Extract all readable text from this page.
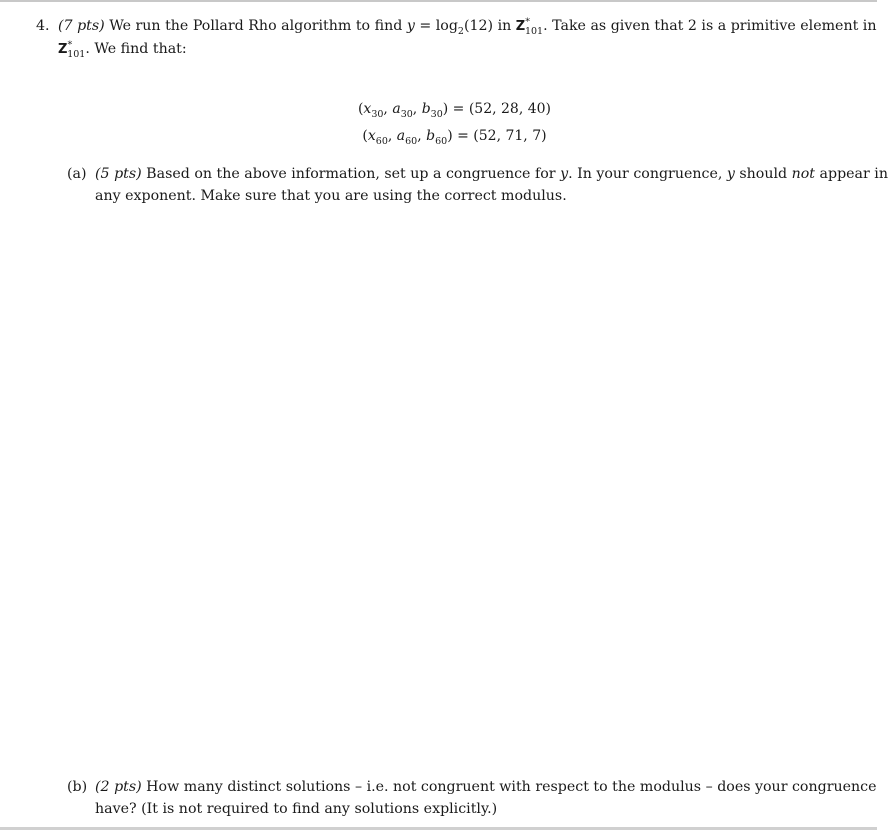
4. (7 pts) We run the Pollard Rho algorithm to find $y = \log_2(12)$ in $Z^*_{101}$. Take as given that 2 is a primitive element in
$Z^*_{101}$. We find that:
($x_{30}$, $a_{30}$, $b_{30}) = (52$, 28, 40)
($x_{60}$, $a_{60}$, $b_{60}) = (52$, 71, 7)
(a) (5 pts) Based on the above information, set up a congruence for y. In your congruence, y should not appear in
any exponent. Make sure that you are using the correct modulus.
(b) (2 pts) How many distinct solutions – i.e. not congruent with respect to the modulus – does your congruence
have? (It is not required to find any solutions explicitly.)
